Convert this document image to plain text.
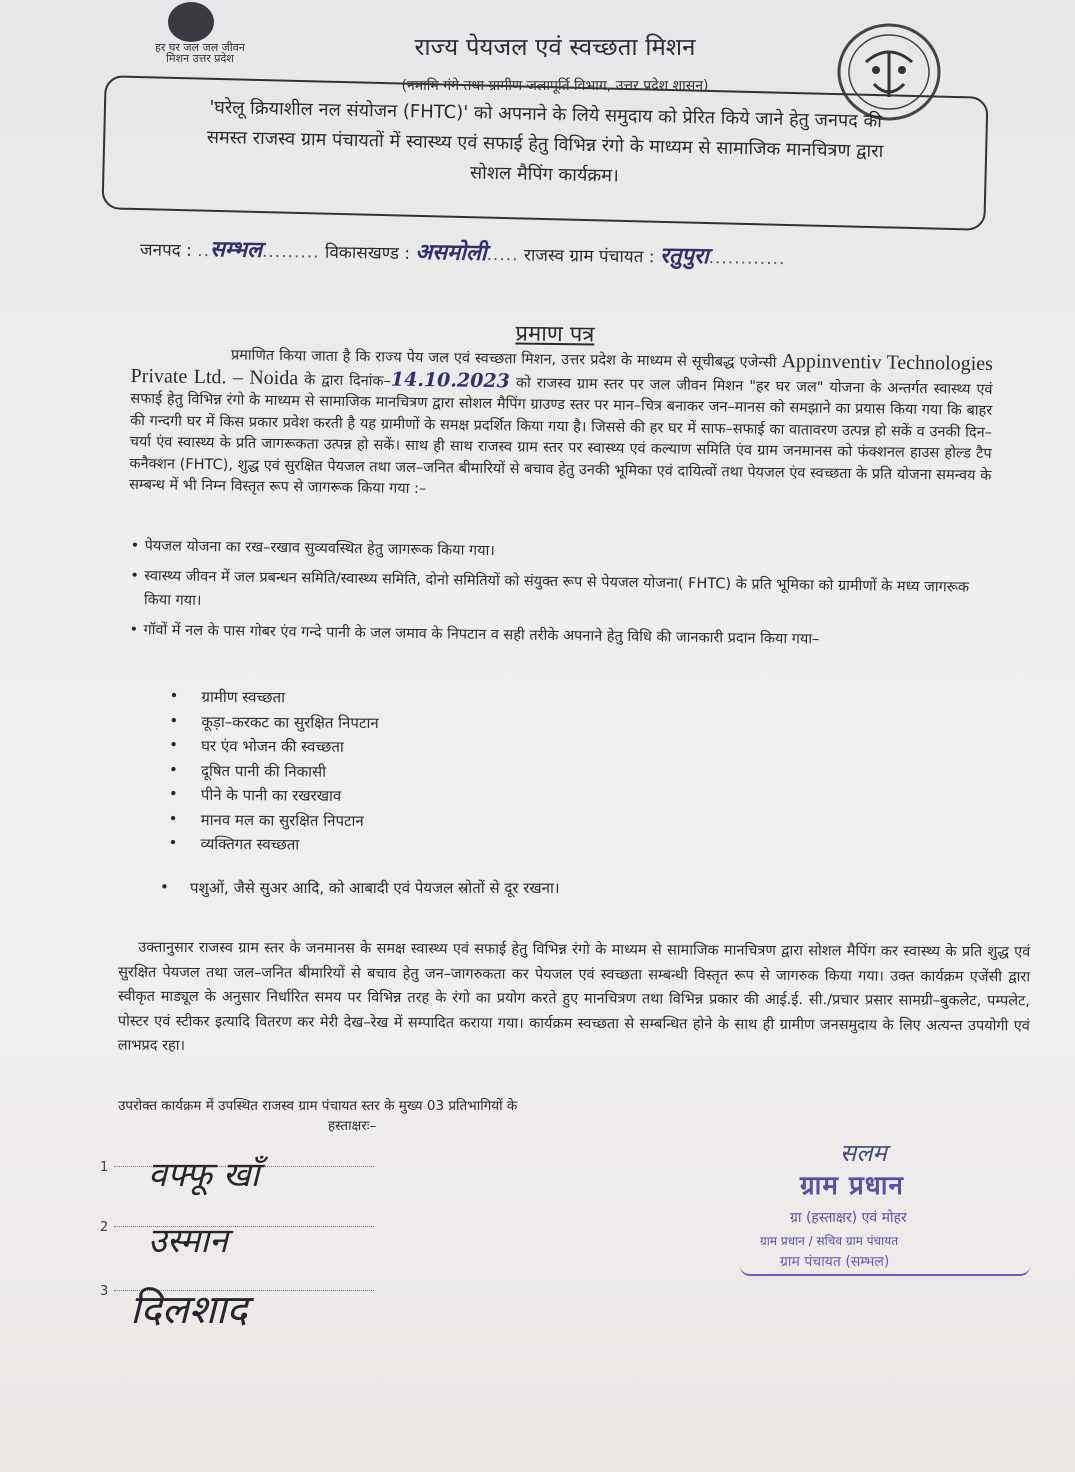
हर घर जल जल जीवन मिशन उत्तर प्रदेश	राज्य पेयजल एवं स्वच्छता मिशन
(नमामि गंगे तथा ग्रामीण जलापूर्ति विभाग, उत्तर प्रदेश शासन)
'घरेलू क्रियाशील नल संयोजन (FHTC)' को अपनाने के लिये समुदाय को प्रेरित किये जाने हेतु जनपद की
समस्त राजस्व ग्राम पंचायतों में स्वास्थ्य एवं सफाई हेतु विभिन्न रंगो के माध्यम से सामाजिक मानचित्रण द्वारा
सोशल मैपिंग कार्यक्रम।
जनपद : ..सम्भल......... विकासखण्ड : असमोली..... राजस्व ग्राम पंचायत : रतुपुरा............
प्रमाण पत्र
प्रमाणित किया जाता है कि राज्य पेय जल एवं स्वच्छता मिशन, उत्तर प्रदेश के माध्यम से सूचीबद्ध एजेन्सी Appinventiv Technologies Private Ltd. – Noida के द्वारा दिनांक–14.10.2023 को राजस्व ग्राम स्तर पर जल जीवन मिशन "हर घर जल" योजना के अन्तर्गत स्वास्थ्य एवं सफाई हेतु विभिन्न रंगो के माध्यम से सामाजिक मानचित्रण द्वारा सोशल मैपिंग ग्राउण्ड स्तर पर मान–चित्र बनाकर जन–मानस को समझाने का प्रयास किया गया कि बाहर की गन्दगी घर में किस प्रकार प्रवेश करती है यह ग्रामीणों के समक्ष प्रदर्शित किया गया है। जिससे की हर घर में साफ–सफाई का वातावरण उत्पन्न हो सकें व उनकी दिन–चर्या एंव स्वास्थ्य के प्रति जागरूकता उत्पन्न हो सकें। साथ ही साथ राजस्व ग्राम स्तर पर स्वास्थ्य एवं कल्याण समिति एंव ग्राम जनमानस को फंक्शनल हाउस होल्ड टैप कनैक्शन (FHTC), शुद्ध एवं सुरक्षित पेयजल तथा जल–जनित बीमारियों से बचाव हेतु उनकी भूमिका एवं दायित्वों तथा पेयजल एंव स्वच्छता के प्रति योजना समन्वय के सम्बन्ध में भी निम्न विस्तृत रूप से जागरूक किया गया :–
• पेयजल योजना का रख–रखाव सुव्यवस्थित हेतु जागरूक किया गया।
• स्वास्थ्य जीवन में जल प्रबन्धन समिति/स्वास्थ्य समिति, दोनो समितियों को संयुक्त रूप से पेयजल योजना( FHTC) के प्रति भूमिका को ग्रामीणों के मध्य जागरूक किया गया।
• गॉवों में नल के पास गोबर एंव गन्दे पानी के जल जमाव के निपटान व सही तरीके अपनाने हेतु विधि की जानकारी प्रदान किया गया–
• ग्रामीण स्वच्छता
• कूड़ा–करकट का सुरक्षित निपटान
• घर एंव भोजन की स्वच्छता
• दूषित पानी की निकासी
• पीने के पानी का रखरखाव
• मानव मल का सुरक्षित निपटान
• व्यक्तिगत स्वच्छता
• पशुओं, जैसे सुअर आदि, को आबादी एवं पेयजल स्रोतों से दूर रखना।
उक्तानुसार राजस्व ग्राम स्तर के जनमानस के समक्ष स्वास्थ्य एवं सफाई हेतु विभिन्न रंगो के माध्यम से सामाजिक मानचित्रण द्वारा सोशल मैपिंग कर स्वास्थ्य के प्रति शुद्ध एवं सुरक्षित पेयजल तथा जल–जनित बीमारियों से बचाव हेतु जन–जागरुकता कर पेयजल एवं स्वच्छता सम्बन्धी विस्तृत रूप से जागरुक किया गया। उक्त कार्यक्रम एजेंसी द्वारा स्वीकृत माड्यूल के अनुसार निर्धारित समय पर विभिन्न तरह के रंगो का प्रयोग करते हुए मानचित्रण तथा विभिन्न प्रकार की आई.ई. सी./प्रचार प्रसार सामग्री–बुकलेट, पम्पलेट, पोस्टर एवं स्टीकर इत्यादि वितरण कर मेरी देख–रेख में सम्पादित कराया गया। कार्यक्रम स्वच्छता से सम्बन्धित होने के साथ ही ग्रामीण जनसमुदाय के लिए अत्यन्त उपयोगी एवं लाभप्रद रहा।
उपरोक्त कार्यक्रम में उपस्थित राजस्व ग्राम पंचायत स्तर के मुख्य 03 प्रतिभागियों के
हस्ताक्षरः–
1 वफ्फू खाँ
2 उस्मान
3 दिलशाद
सलम
ग्राम प्रधान
ग्रा (हस्ताक्षर) एवं मोहर
ग्राम प्रधान / सचिव ग्राम पंचायत
ग्राम पंचायत (सम्भल)
